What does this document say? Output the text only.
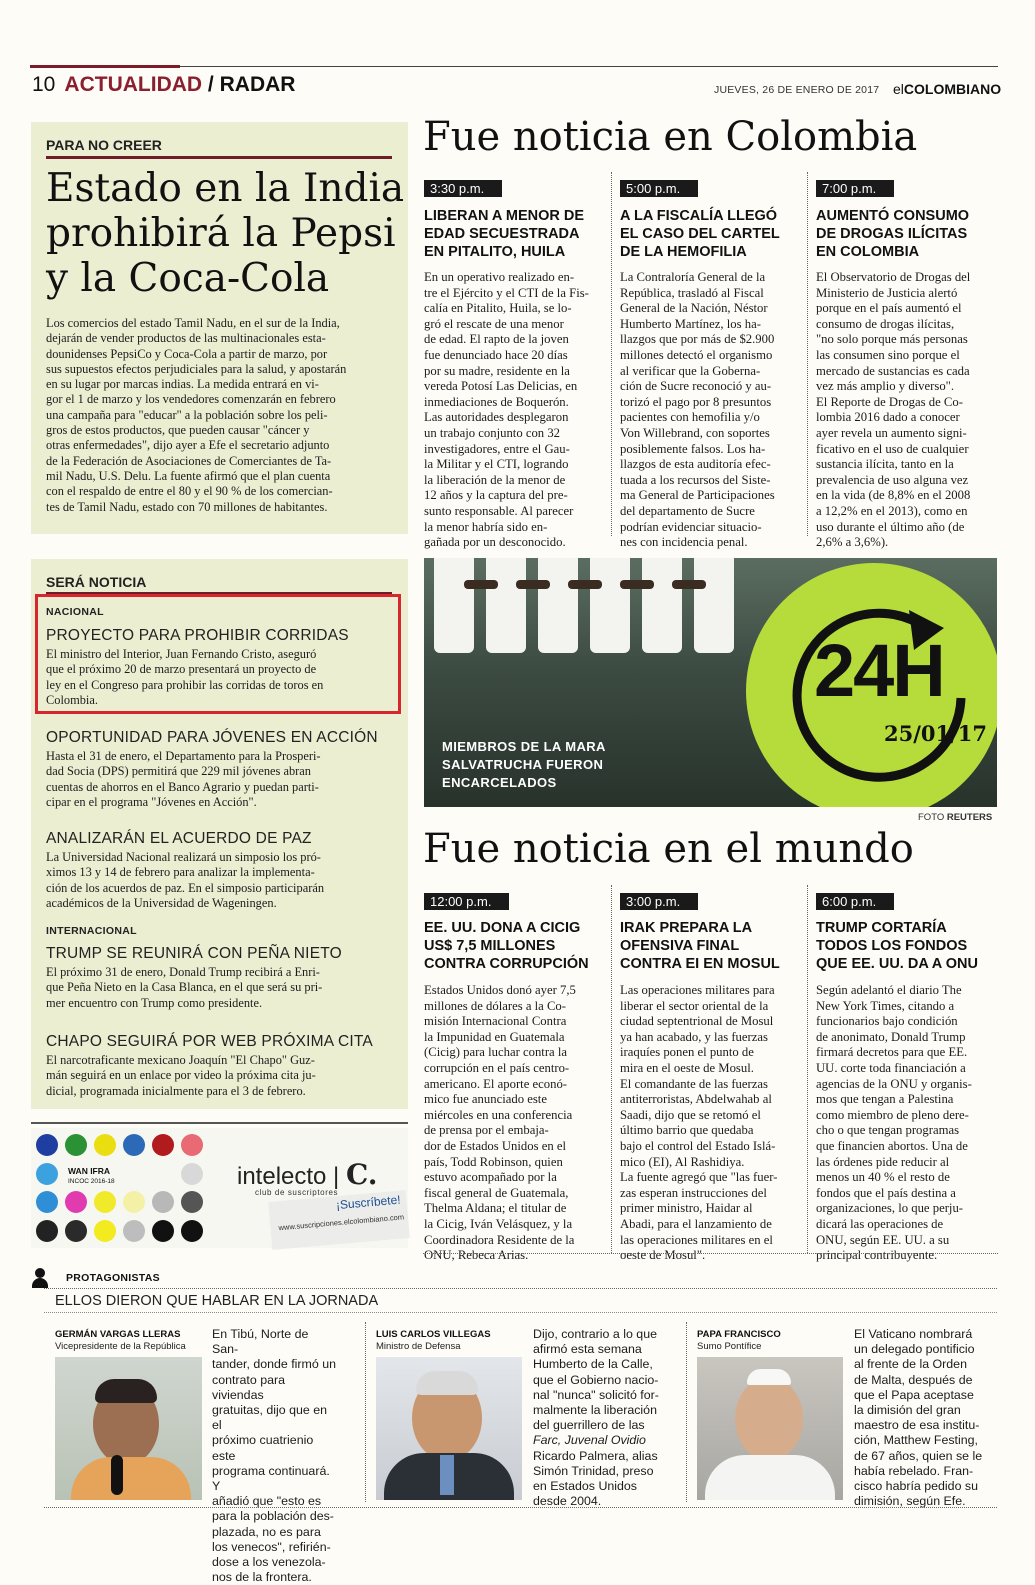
10 ACTUALIDAD / RADAR	JUEVES, 26 DE ENERO DE 2017 elCOLOMBIANO
PARA NO CREER
Estado en la India
prohibirá la Pepsi
y la Coca-Cola
Los comercios del estado Tamil Nadu, en el sur de la India,
dejarán de vender productos de las multinacionales esta-
dounidenses PepsiCo y Coca-Cola a partir de marzo, por
sus supuestos efectos perjudiciales para la salud, y apostarán
en su lugar por marcas indias. La medida entrará en vi-
gor el 1 de marzo y los vendedores comenzarán en febrero
una campaña para "educar" a la población sobre los peli-
gros de estos productos, que pueden causar "cáncer y
otras enfermedades", dijo ayer a Efe el secretario adjunto
de la Federación de Asociaciones de Comerciantes de Ta-
mil Nadu, U.S. Delu. La fuente afirmó que el plan cuenta
con el respaldo de entre el 80 y el 90 % de los comercian-
tes de Tamil Nadu, estado con 70 millones de habitantes.
SERÁ NOTICIA
NACIONAL
PROYECTO PARA PROHIBIR CORRIDAS
El ministro del Interior, Juan Fernando Cristo, aseguró
que el próximo 20 de marzo presentará un proyecto de
ley en el Congreso para prohibir las corridas de toros en
Colombia.
OPORTUNIDAD PARA JÓVENES EN ACCIÓN
Hasta el 31 de enero, el Departamento para la Prosperi-
dad Socia (DPS) permitirá que 229 mil jóvenes abran
cuentas de ahorros en el Banco Agrario y puedan parti-
cipar en el programa "Jóvenes en Acción".
ANALIZARÁN EL ACUERDO DE PAZ
La Universidad Nacional realizará un simposio los pró-
ximos 13 y 14 de febrero para analizar la implementa-
ción de los acuerdos de paz. En el simposio participarán
académicos de la Universidad de Wageningen.
INTERNACIONAL
TRUMP SE REUNIRÁ CON PEÑA NIETO
El próximo 31 de enero, Donald Trump recibirá a Enri-
que Peña Nieto en la Casa Blanca, en el que será su pri-
mer encuentro con Trump como presidente.
CHAPO SEGUIRÁ POR WEB PRÓXIMA CITA
El narcotraficante mexicano Joaquín "El Chapo" Guz-
mán seguirá en un enlace por video la próxima cita ju-
dicial, programada inicialmente para el 3 de febrero.
Fue noticia en Colombia
3:30 p.m.
LIBERAN A MENOR DE
EDAD SECUESTRADA
EN PITALITO, HUILA
En un operativo realizado en-
tre el Ejército y el CTI de la Fis-
calía en Pitalito, Huila, se lo-
gró el rescate de una menor
de edad. El rapto de la joven
fue denunciado hace 20 días
por su madre, residente en la
vereda Potosí Las Delicias, en
inmediaciones de Boquerón.
Las autoridades desplegaron
un trabajo conjunto con 32
investigadores, entre el Gau-
la Militar y el CTI, logrando
la liberación de la menor de
12 años y la captura del pre-
sunto responsable. Al parecer
la menor habría sido en-
gañada por un desconocido.
5:00 p.m.
A LA FISCALÍA LLEGÓ
EL CASO DEL CARTEL
DE LA HEMOFILIA
La Contraloría General de la
República, trasladó al Fiscal
General de la Nación, Néstor
Humberto Martínez, los ha-
llazgos que por más de $2.900
millones detectó el organismo
al verificar que la Goberna-
ción de Sucre reconoció y au-
torizó el pago por 8 presuntos
pacientes con hemofilia y/o
Von Willebrand, con soportes
posiblemente falsos. Los ha-
llazgos de esta auditoría efec-
tuada a los recursos del Siste-
ma General de Participaciones
del departamento de Sucre
podrían evidenciar situacio-
nes con incidencia penal.
7:00 p.m.
AUMENTÓ CONSUMO
DE DROGAS ILÍCITAS
EN COLOMBIA
El Observatorio de Drogas del
Ministerio de Justicia alertó
porque en el país aumentó el
consumo de drogas ilícitas,
"no solo porque más personas
las consumen sino porque el
mercado de sustancias es cada
vez más amplio y diverso".
El Reporte de Drogas de Co-
lombia 2016 dado a conocer
ayer revela un aumento signi-
ficativo en el uso de cualquier
sustancia ilícita, tanto en la
prevalencia de uso alguna vez
en la vida (de 8,8% en el 2008
a 12,2% en el 2013), como en
uso durante el último año (de
2,6% a 3,6%).
MIEMBROS DE LA MARA
SALVATRUCHA FUERON
ENCARCELADOS
24H
25/01/17
FOTO REUTERS
Fue noticia en el mundo
12:00 p.m.
EE. UU. DONA A CICIG
US$ 7,5 MILLONES
CONTRA CORRUPCIÓN
Estados Unidos donó ayer 7,5
millones de dólares a la Co-
misión Internacional Contra
la Impunidad en Guatemala
(Cicig) para luchar contra la
corrupción en el país centro-
americano. El aporte econó-
mico fue anunciado este
miércoles en una conferencia
de prensa por el embaja-
dor de Estados Unidos en el
país, Todd Robinson, quien
estuvo acompañado por la
fiscal general de Guatemala,
Thelma Aldana; el titular de
la Cicig, Iván Velásquez, y la
Coordinadora Residente de la
ONU, Rebeca Arias.
3:00 p.m.
IRAK PREPARA LA
OFENSIVA FINAL
CONTRA EI EN MOSUL
Las operaciones militares para
liberar el sector oriental de la
ciudad septentrional de Mosul
ya han acabado, y las fuerzas
iraquíes ponen el punto de
mira en el oeste de Mosul.
El comandante de las fuerzas
antiterroristas, Abdelwahab al
Saadi, dijo que se retomó el
último barrio que quedaba
bajo el control del Estado Islá-
mico (EI), Al Rashidiya.
La fuente agregó que "las fuer-
zas esperan instrucciones del
primer ministro, Haidar al
Abadi, para el lanzamiento de
las operaciones militares en el
oeste de Mosul".
6:00 p.m.
TRUMP CORTARÍA
TODOS LOS FONDOS
QUE EE. UU. DA A ONU
Según adelantó el diario The
New York Times, citando a
funcionarios bajo condición
de anonimato, Donald Trump
firmará decretos para que EE.
UU. corte toda financiación a
agencias de la ONU y organis-
mos que tengan a Palestina
como miembro de pleno dere-
cho o que tengan programas
que financien abortos. Una de
las órdenes pide reducir al
menos un 40 % el resto de
fondos que el país destina a
organizaciones, lo que perju-
dicará las operaciones de
ONU, según EE. UU. a su
principal contribuyente.
WAN IFRA
INCOC 2016-18	intelecto | C.
club de suscriptores
¡Suscríbete!
www.suscripciones.elcolombiano.com
PROTAGONISTAS
ELLOS DIERON QUE HABLAR EN LA JORNADA
GERMÁN VARGAS LLERAS
Vicepresidente de la República
En Tibú, Norte de San-
tander, donde firmó un
contrato para viviendas
gratuitas, dijo que en el
próximo cuatrienio este
programa continuará. Y
añadió que "esto es
para la población des-
plazada, no es para
los venecos", refirién-
dose a los venezola-
nos de la frontera.
LUIS CARLOS VILLEGAS
Ministro de Defensa
Dijo, contrario a lo que
afirmó esta semana
Humberto de la Calle,
que el Gobierno nacio-
nal "nunca" solicitó for-
malmente la liberación
del guerrillero de las
Farc, Juvenal Ovidio
Ricardo Palmera, alias
Simón Trinidad, preso
en Estados Unidos
desde 2004.
PAPA FRANCISCO
Sumo Pontífice
El Vaticano nombrará
un delegado pontificio
al frente de la Orden
de Malta, después de
que el Papa aceptase
la dimisión del gran
maestro de esa institu-
ción, Matthew Festing,
de 67 años, quien se le
había rebelado. Fran-
cisco habría pedido su
dimisión, según Efe.
